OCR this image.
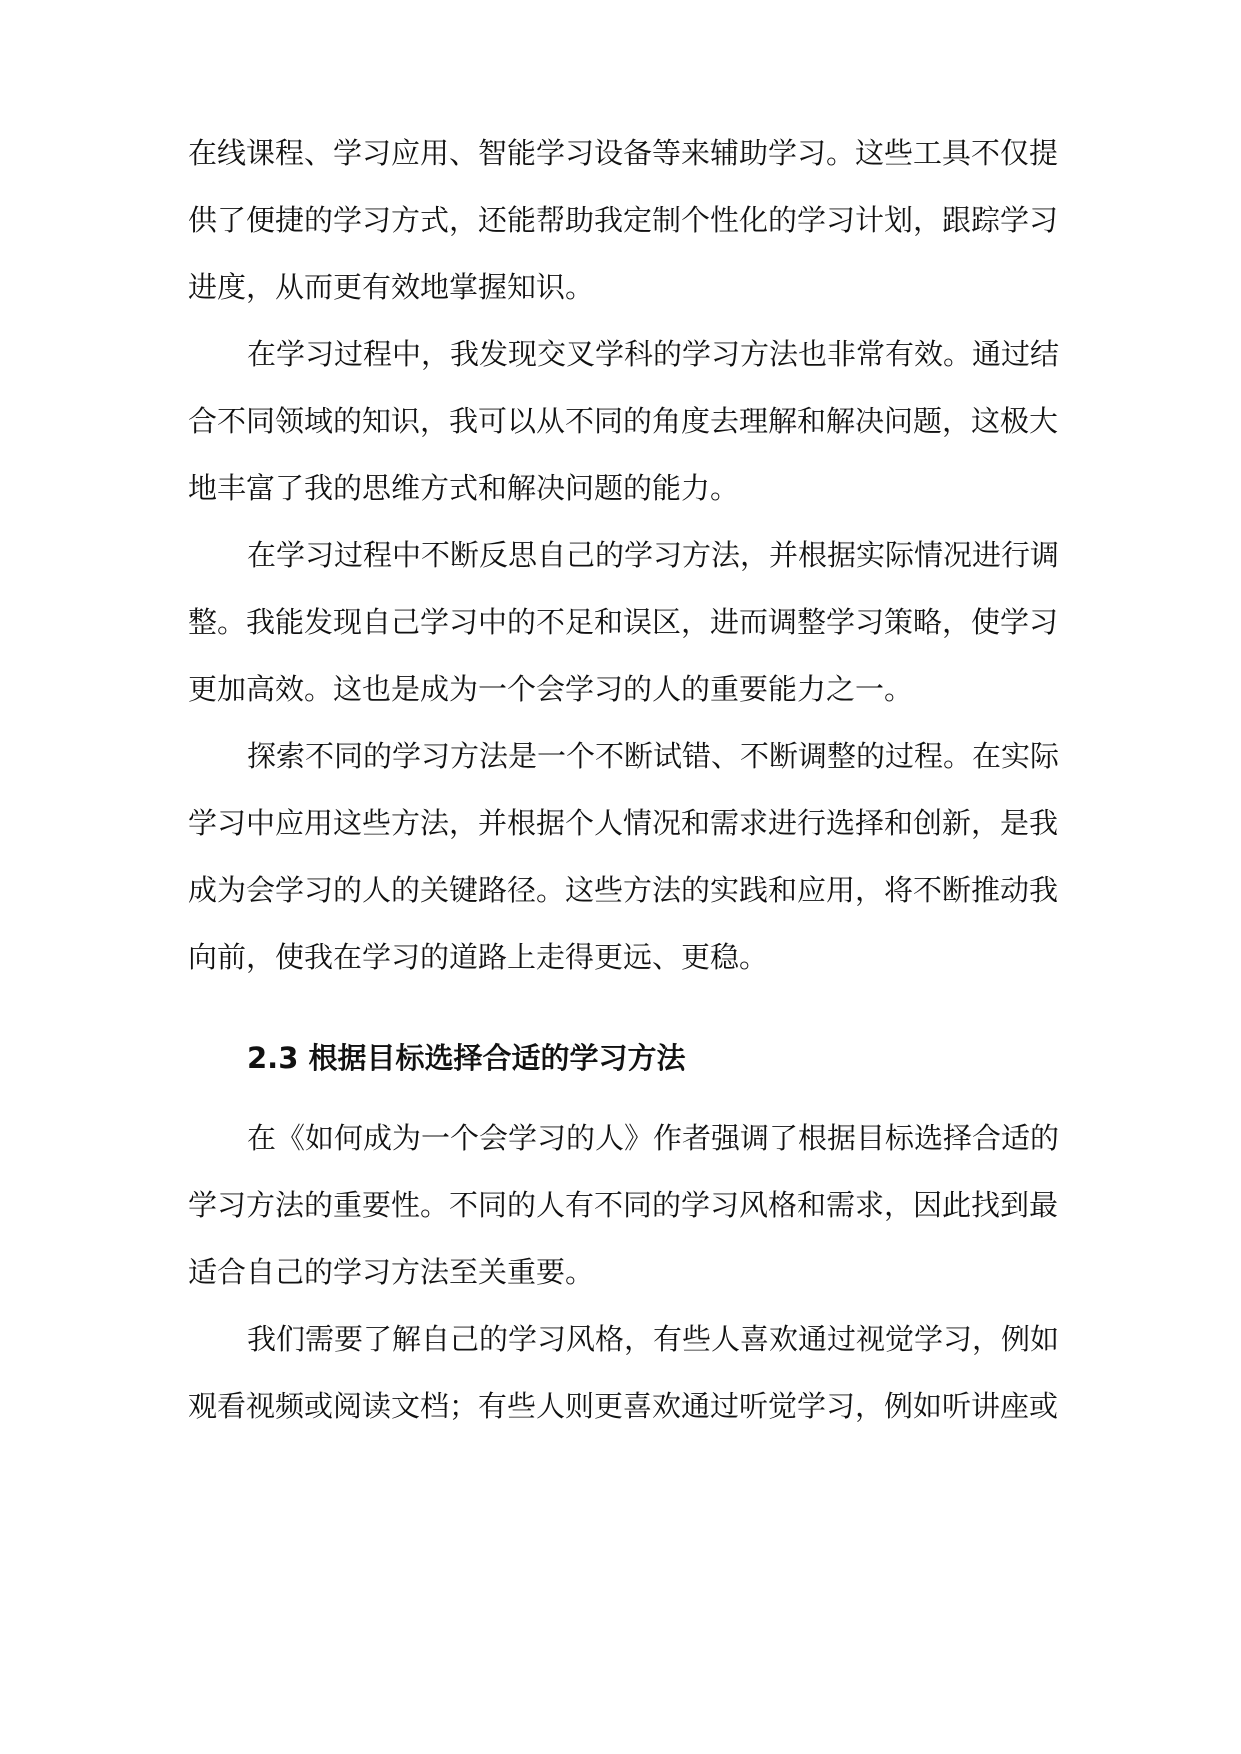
在线课程、学习应用、智能学习设备等来辅助学习。这些工具不仅提
供了便捷的学习方式，还能帮助我定制个性化的学习计划，跟踪学习
进度，从而更有效地掌握知识。
在学习过程中，我发现交叉学科的学习方法也非常有效。通过结
合不同领域的知识，我可以从不同的角度去理解和解决问题，这极大
地丰富了我的思维方式和解决问题的能力。
在学习过程中不断反思自己的学习方法，并根据实际情况进行调
整。我能发现自己学习中的不足和误区，进而调整学习策略，使学习
更加高效。这也是成为一个会学习的人的重要能力之一。
探索不同的学习方法是一个不断试错、不断调整的过程。在实际
学习中应用这些方法，并根据个人情况和需求进行选择和创新，是我
成为会学习的人的关键路径。这些方法的实践和应用，将不断推动我
向前，使我在学习的道路上走得更远、更稳。
2.3 根据目标选择合适的学习方法
在《如何成为一个会学习的人》作者强调了根据目标选择合适的
学习方法的重要性。不同的人有不同的学习风格和需求，因此找到最
适合自己的学习方法至关重要。
我们需要了解自己的学习风格，有些人喜欢通过视觉学习，例如
观看视频或阅读文档；有些人则更喜欢通过听觉学习，例如听讲座或
